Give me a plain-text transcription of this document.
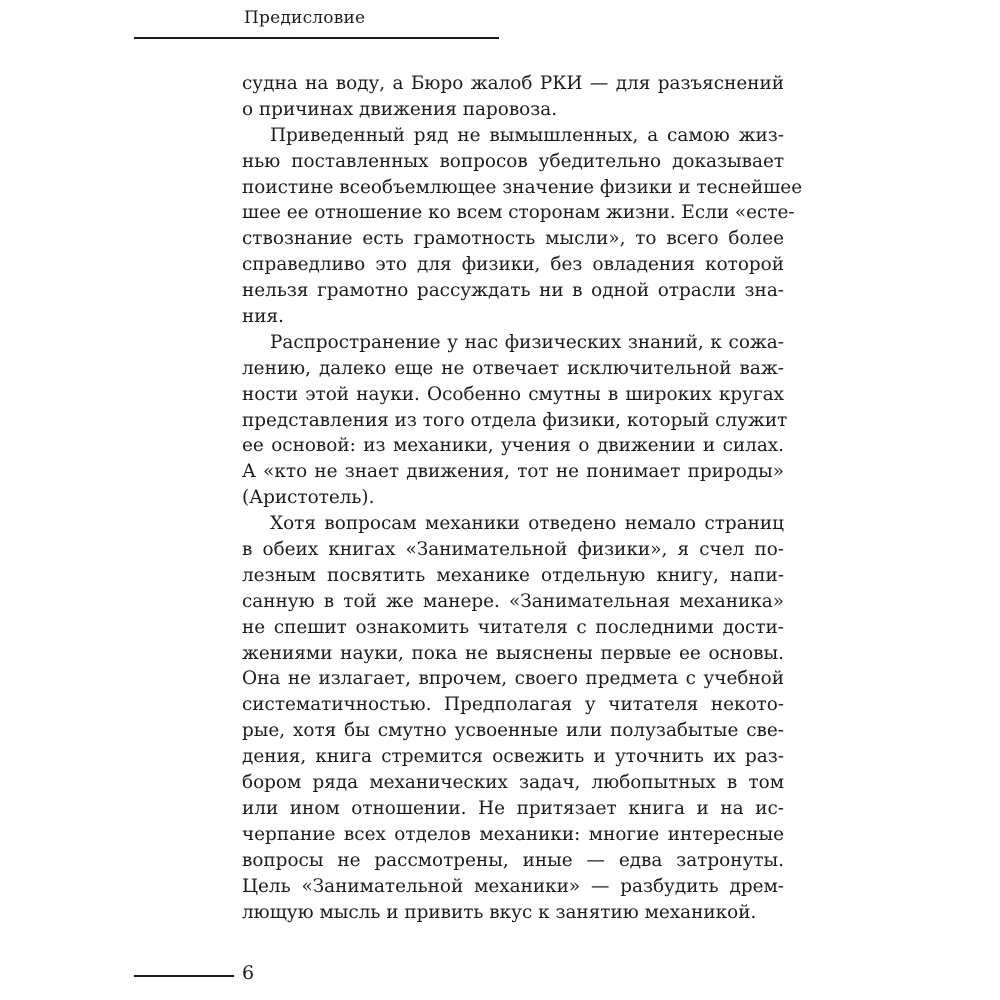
Предисловие

судна на воду, а Бюро жалоб РКИ — для разъяснений
о причинах движения паровоза.

Приведенный ряд не вымышленных, а самою жиз-
нью поставленных вопросов убедительно доказывает
поистине всеобъемлющее значение физики и теснейшее
шее ее отношение ко всем сторонам жизни. Если «есте-
ствознание есть грамотность мысли», то всего более
справедливо это для физики, без овладения которой
нельзя грамотно рассуждать ни в одной отрасли зна-
ния.

Распространение у нас физических знаний, к сожа-
лению, далеко еще не отвечает исключительной важ-
ности этой науки. Особенно смутны в широких кругах
представления из того отдела физики, который служит
ее основой: из механики, учения о движении и силах.
А «кто не знает движения, тот не понимает природы»
(Аристотель).

Хотя вопросам механики отведено немало страниц
в обеих книгах «Занимательной физики», я счел по-
лезным посвятить механике отдельную книгу, напи-
санную в той же манере. «Занимательная механика»
не спешит ознакомить читателя с последними дости-
жениями науки, пока не выяснены первые ее основы.
Она не излагает, впрочем, своего предмета с учебной
систематичностью. Предполагая у читателя некото-
рые, хотя бы смутно усвоенные или полузабытые све-
дения, книга стремится освежить и уточнить их раз-
бором ряда механических задач, любопытных в том
или ином отношении. Не притязает книга и на ис-
черпание всех отделов механики: многие интересные
вопросы не рассмотрены, иные — едва затронуты.
Цель «Занимательной механики» — разбудить дрем-
лющую мысль и привить вкус к занятию механикой.

6
